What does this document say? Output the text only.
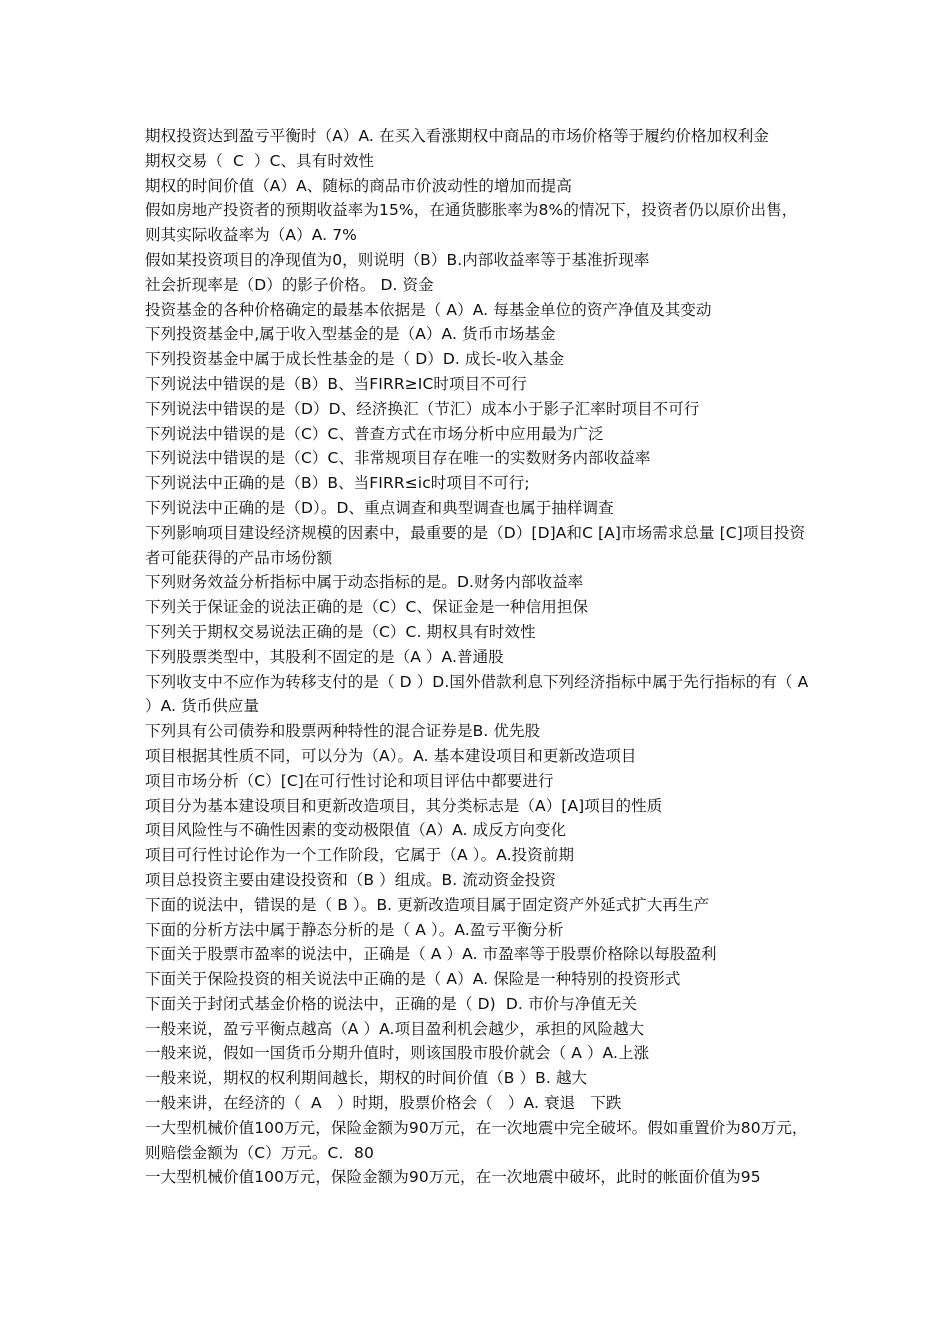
期权投资达到盈亏平衡时（A）A. 在买入看涨期权中商品的市场价格等于履约价格加权利金

期权交易（  C  ）C、具有时效性

期权的时间价值（A）A、随标的商品市价波动性的增加而提高

假如房地产投资者的预期收益率为15%，在通货膨胀率为8%的情况下，投资者仍以原价出售，则其实际收益率为（A）A. 7%

假如某投资项目的净现值为0，则说明（B）B.内部收益率等于基准折现率

社会折现率是（D）的影子价格。 D. 资金

投资基金的各种价格确定的最基本依据是（ A）A. 每基金单位的资产净值及其变动

下列投资基金中,属于收入型基金的是（A）A. 货币市场基金

下列投资基金中属于成长性基金的是（ D）D. 成长-收入基金

下列说法中错误的是（B）B、当FIRR≥IC时项目不可行

下列说法中错误的是（D）D、经济换汇（节汇）成本小于影子汇率时项目不可行

下列说法中错误的是（C）C、普查方式在市场分析中应用最为广泛

下列说法中错误的是（C）C、非常规项目存在唯一的实数财务内部收益率

下列说法中正确的是（B）B、当FIRR≤ic时项目不可行;

下列说法中正确的是（D）。D、重点调查和典型调查也属于抽样调查

下列影响项目建设经济规模的因素中，最重要的是（D）[D]A和C [A]市场需求总量 [C]项目投资者可能获得的产品市场份额

下列财务效益分析指标中属于动态指标的是。D.财务内部收益率

下列关于保证金的说法正确的是（C）C、保证金是一种信用担保

下列关于期权交易说法正确的是（C）C. 期权具有时效性

下列股票类型中，其股利不固定的是（A ）A.普通股

下列收支中不应作为转移支付的是（ D ）D.国外借款利息下列经济指标中属于先行指标的有（ A ）A. 货币供应量

下列具有公司债券和股票两种特性的混合证券是B. 优先股

项目根据其性质不同，可以分为（A）。A. 基本建设项目和更新改造项目

项目市场分析（C）[C]在可行性讨论和项目评估中都要进行

项目分为基本建设项目和更新改造项目，其分类标志是（A）[A]项目的性质

项目风险性与不确性因素的变动极限值（A）A. 成反方向变化

项目可行性讨论作为一个工作阶段，它属于（A ）。A.投资前期

项目总投资主要由建设投资和（B ）组成。B. 流动资金投资

下面的说法中，错误的是（ B ）。B. 更新改造项目属于固定资产外延式扩大再生产

下面的分析方法中属于静态分析的是（ A ）。A.盈亏平衡分析

下面关于股票市盈率的说法中，正确是（ A ）A. 市盈率等于股票价格除以每股盈利

下面关于保险投资的相关说法中正确的是（ A）A. 保险是一种特别的投资形式

下面关于封闭式基金价格的说法中，正确的是（ D)  D. 市价与净值无关

一般来说，盈亏平衡点越高（A ）A.项目盈利机会越少，承担的风险越大

一般来说，假如一国货币分期升值时，则该国股市股价就会（ A ）A.上涨

一般来说，期权的权利期间越长，期权的时间价值（B ）B. 越大

一般来讲，在经济的（  A   ）时期，股票价格会（   ）A. 衰退   下跌

一大型机械价值100万元，保险金额为90万元，在一次地震中完全破坏。假如重置价为80万元，则赔偿金额为（C）万元。C．80

一大型机械价值100万元，保险金额为90万元，在一次地震中破坏，此时的帐面价值为95
